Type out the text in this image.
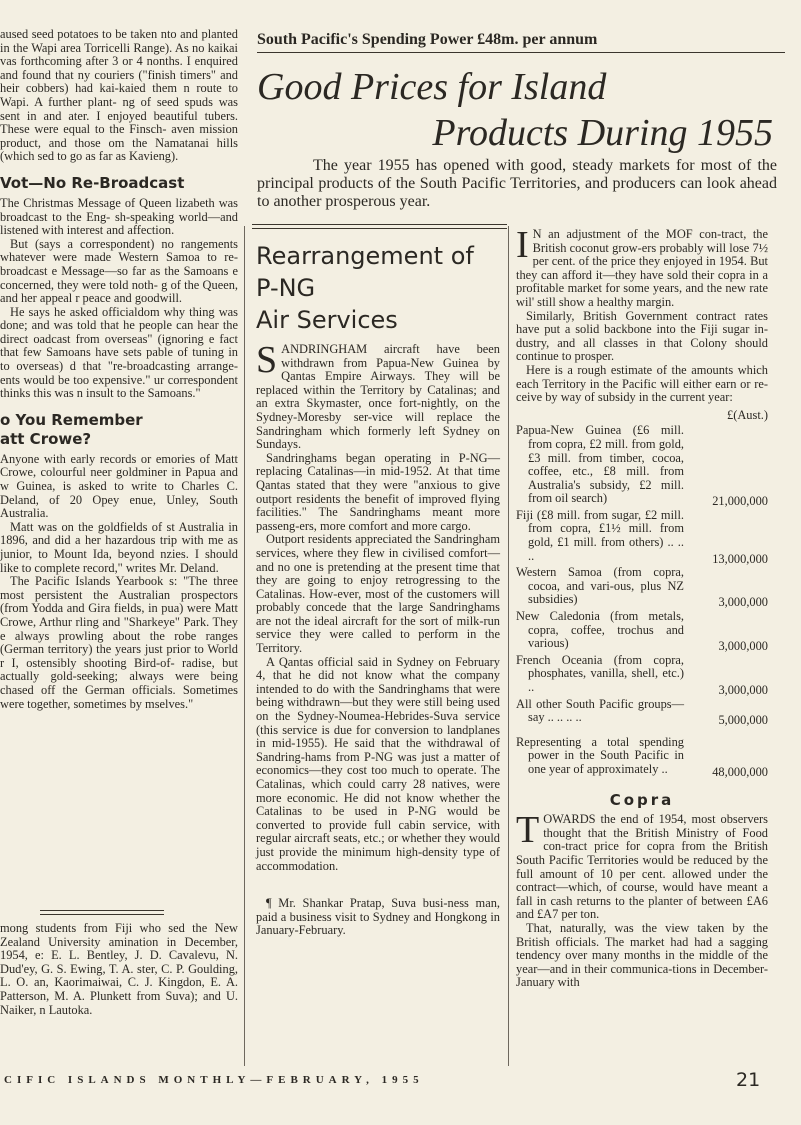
aused seed potatoes to be taken nto and planted in the Wapi area Torricelli Range). As no kaikai vas forthcoming after 3 or 4 nonths. I enquired and found that ny couriers ("finish timers" and heir cobbers) had kai-kaied them n route to Wapi. A further plant- ng of seed spuds was sent in and ater. I enjoyed beautiful tubers. These were equal to the Finsch- aven mission product, and those om the Namatanai hills (which sed to go as far as Kavieng).

Vot—No Re-Broadcast

The Christmas Message of Queen lizabeth was broadcast to the Eng- sh-speaking world—and listened with interest and affection.

But (says a correspondent) no rangements whatever were made Western Samoa to re-broadcast e Message—so far as the Samoans e concerned, they were told noth- g of the Queen, and her appeal r peace and goodwill.

He says he asked officialdom why thing was done; and was told that he people can hear the direct oadcast from overseas" (ignoring e fact that few Samoans have sets pable of tuning in to overseas) d that "re-broadcasting arrange- ents would be too expensive." ur correspondent thinks this was n insult to the Samoans."

o You Remember
att Crowe?

Anyone with early records or emories of Matt Crowe, colourful neer goldminer in Papua and w Guinea, is asked to write to Charles C. Deland, of 20 Opey enue, Unley, South Australia.

Matt was on the goldfields of st Australia in 1896, and did a her hazardous trip with me as junior, to Mount Ida, beyond nzies. I should like to complete record," writes Mr. Deland.

The Pacific Islands Yearbook s: "The three most persistent the Australian prospectors (from Yodda and Gira fields, in pua) were Matt Crowe, Arthur rling and "Sharkeye" Park. They e always prowling about the robe ranges (German territory) the years just prior to World r I, ostensibly shooting Bird-of- radise, but actually gold-seeking; always were being chased off the German officials. Sometimes were together, sometimes by mselves."

mong students from Fiji who sed the New Zealand University amination in December, 1954, e: E. L. Bentley, J. D. Cavalevu, N. Dud'ey, G. S. Ewing, T. A. ster, C. P. Goulding, L. O. an, Kaorimaiwai, C. J. Kingdon, E. A. Patterson, M. A. Plunkett from Suva); and U. Naiker, n Lautoka.

South Pacific's Spending Power £48m. per annum
Good Prices for Island
Products During 1955
The year 1955 has opened with good, steady markets for most of the principal products of the South Pacific Territories, and producers can look ahead to another prosperous year.
Rearrangement of
P-NG
Air Services

S ANDRINGHAM aircraft have been withdrawn from Papua-New Guinea by Qantas Empire Airways. They will be replaced within the Territory by Catalinas; and an extra Skymaster, once fort-nightly, on the Sydney-Moresby ser-vice will replace the Sandringham which formerly left Sydney on Sundays.

Sandringhams began operating in P-NG—replacing Catalinas—in mid-1952. At that time Qantas stated that they were "anxious to give outport residents the benefit of improved flying facilities." The Sandringhams meant more passeng-ers, more comfort and more cargo.

Outport residents appreciated the Sandringham services, where they flew in civilised comfort—and no one is pretending at the present time that they are going to enjoy retrogressing to the Catalinas. How-ever, most of the customers will probably concede that the large Sandringhams are not the ideal aircraft for the sort of milk-run service they were called to perform in the Territory.

A Qantas official said in Sydney on February 4, that he did not know what the company intended to do with the Sandringhams that were being withdrawn—but they were still being used on the Sydney-Noumea-Hebrides-Suva service (this service is due for conversion to landplanes in mid-1955). He said that the withdrawal of Sandring-hams from P-NG was just a matter of economics—they cost too much to operate. The Catalinas, which could carry 28 natives, were more economic. He did not know whether the Catalinas to be used in P-NG would be converted to provide full cabin service, with regular aircraft seats, etc.; or whether they would just provide the minimum high-density type of accommodation.

¶ Mr. Shankar Pratap, Suva busi-ness man, paid a business visit to Sydney and Hongkong in January-February.

I N an adjustment of the MOF con-tract, the British coconut grow-ers probably will lose 7½ per cent. of the price they enjoyed in 1954. But they can afford it—they have sold their copra in a profitable market for some years, and the new rate wil' still show a healthy margin.

Similarly, British Government contract rates have put a solid backbone into the Fiji sugar in-dustry, and all classes in that Colony should continue to prosper.

Here is a rough estimate of the amounts which each Territory in the Pacific will either earn or re-ceive by way of subsidy in the current year:

£(Aust.)
Papua-New Guinea (£6 mill. from copra, £2 mill. from gold, £3 mill. from timber, cocoa, coffee, etc., £8 mill. from Australia's subsidy, £2 mill. from oil search)	21,000,000
Fiji (£8 mill. from sugar, £2 mill. from copra, £1½ mill. from gold, £1 mill. from others) .. .. ..	13,000,000
Western Samoa (from copra, cocoa, and vari-ous, plus NZ subsidies)	3,000,000
New Caledonia (from metals, copra, coffee, trochus and various)	3,000,000
French Oceania (from copra, phosphates, vanilla, shell, etc.) ..	3,000,000
All other South Pacific groups—say .. .. .. ..	5,000,000
Representing a total spending power in the South Pacific in one year of approximately ..	48,000,000
Copra

T OWARDS the end of 1954, most observers thought that the British Ministry of Food con-tract price for copra from the British South Pacific Territories would be reduced by the full amount of 10 per cent. allowed under the contract—which, of course, would have meant a fall in cash returns to the planter of between £A6 and £A7 per ton.

That, naturally, was the view taken by the British officials. The market had had a sagging tendency over many months in the middle of the year—and in their communica-tions in December-January with

CIFIC ISLANDS MONTHLY—FEBRUARY, 1955	21
